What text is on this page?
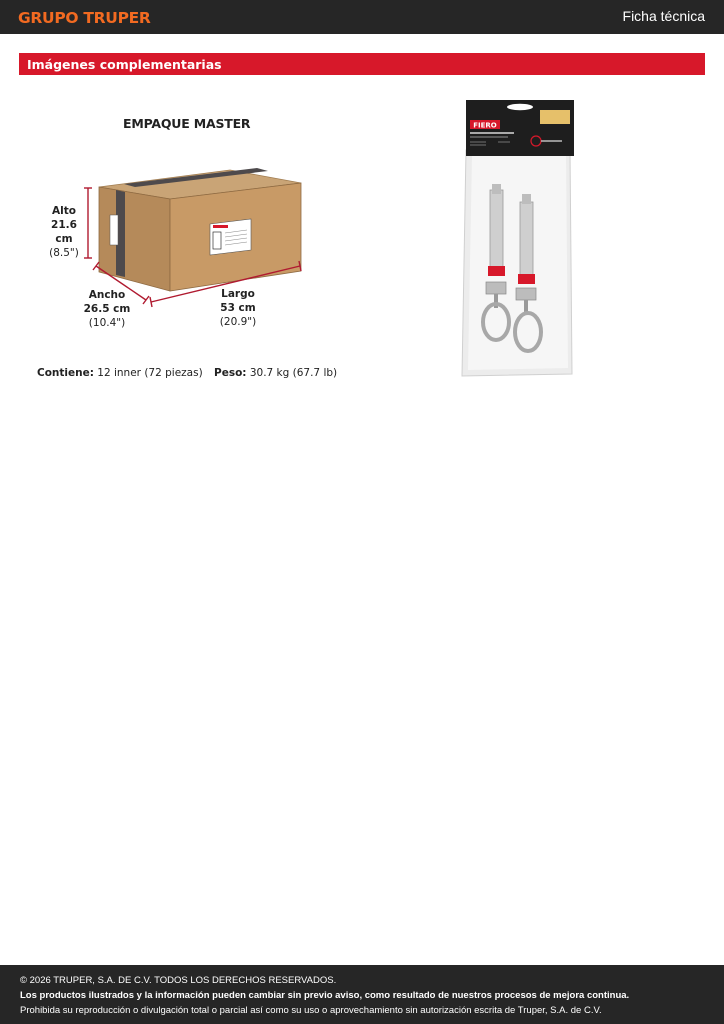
GRUPO TRUPER	Ficha técnica
Imágenes complementarias
EMPAQUE MASTER
Alto
21.6 cm
(8.5")
Ancho
26.5 cm
(10.4")
Largo
53 cm
(20.9")
Contiene: 12 inner (72 piezas) Peso: 30.7 kg (67.7 lb)
FIERO
© 2026 TRUPER, S.A. DE C.V. TODOS LOS DERECHOS RESERVADOS.
Los productos ilustrados y la información pueden cambiar sin previo aviso, como resultado de nuestros procesos de mejora continua.
Prohibida su reproducción o divulgación total o parcial así como su uso o aprovechamiento sin autorización escrita de Truper, S.A. de C.V.
